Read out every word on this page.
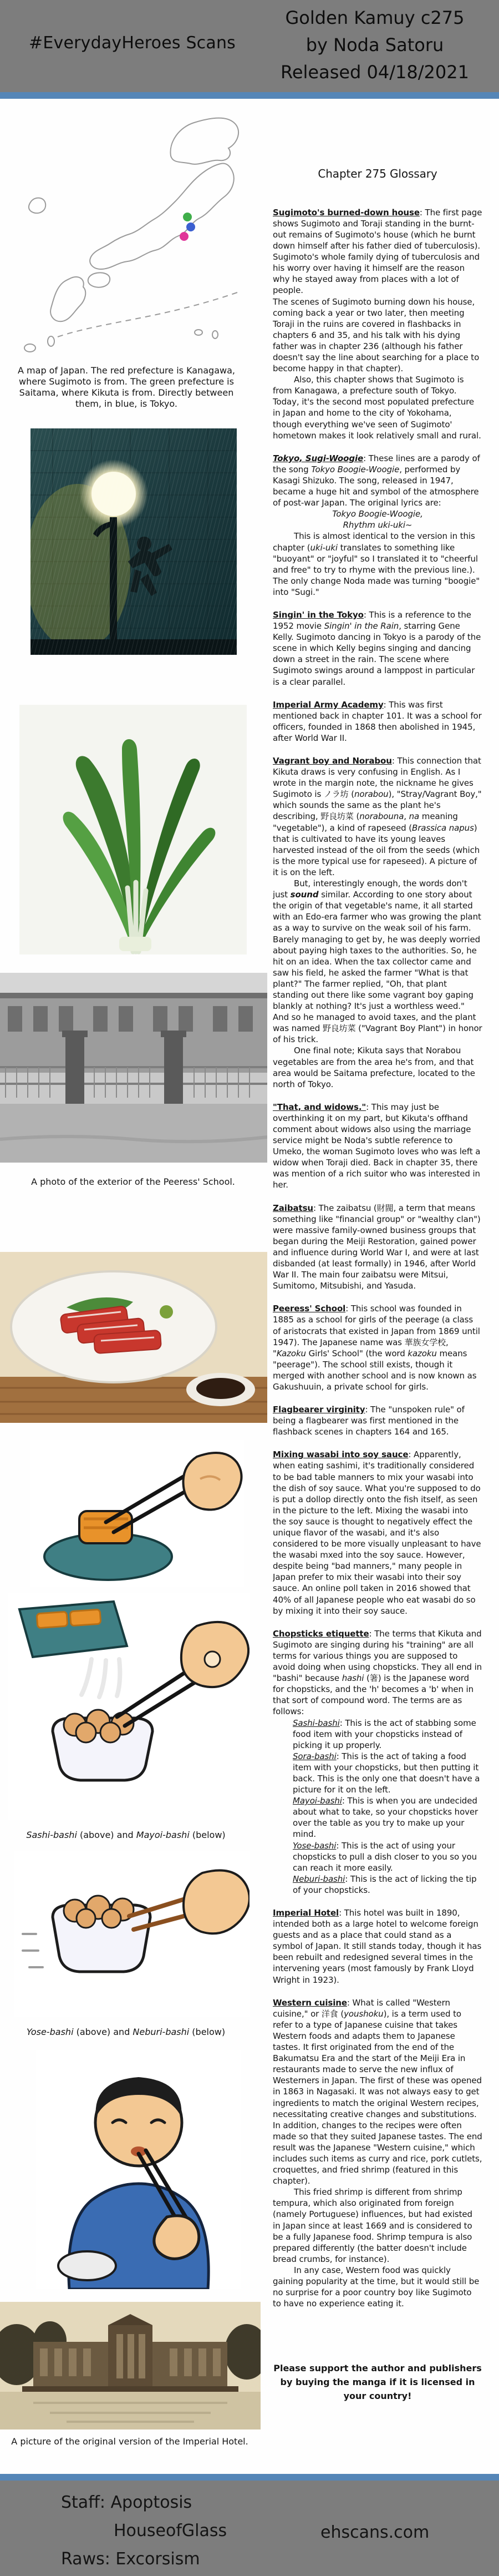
#EverydayHeroes Scans
Golden Kamuy c275
by Noda Satoru
Released 04/18/2021
A map of Japan. The red prefecture is Kanagawa, where Sugimoto is from. The green prefecture is Saitama, where Kikuta is from. Directly between them, in blue, is Tokyo.
A photo of the exterior of the Peeress' School.
Sashi-bashi (above) and Mayoi-bashi (below)
Yose-bashi (above) and Neburi-bashi (below)
A picture of the original version of the Imperial Hotel.

Chapter 275 Glossary

Sugimoto's burned-down house: The first page shows Sugimoto and Toraji standing in the burnt-out remains of Sugimoto's house (which he burnt down himself after his father died of tuberculosis). Sugimoto's whole family dying of tuberculosis and his worry over having it himself are the reason why he stayed away from places with a lot of people.

The scenes of Sugimoto burning down his house, coming back a year or two later, then meeting Toraji in the ruins are covered in flashbacks in chapters 6 and 35, and his talk with his dying father was in chapter 236 (although his father doesn't say the line about searching for a place to become happy in that chapter).

Also, this chapter shows that Sugimoto is from Kanagawa, a prefecture south of Tokyo. Today, it's the second most populated prefecture in Japan and home to the city of Yokohama, though everything we've seen of Sugimoto' hometown makes it look relatively small and rural.

Tokyo, Sugi-Woogie: These lines are a parody of the song Tokyo Boogie-Woogie, performed by Kasagi Shizuko. The song, released in 1947, became a huge hit and symbol of the atmosphere of post-war Japan. The original lyrics are:

Tokyo Boogie-Woogie,

Rhythm uki-uki~

This is almost identical to the version in this chapter (uki-uki translates to something like "buoyant" or "joyful" so I translated it to "cheerful and free" to try to rhyme with the previous line.). The only change Noda made was turning "boogie" into "Sugi."

Singin' in the Tokyo: This is a reference to the 1952 movie Singin' in the Rain, starring Gene Kelly. Sugimoto dancing in Tokyo is a parody of the scene in which Kelly begins singing and dancing down a street in the rain. The scene where Sugimoto swings around a lamppost in particular is a clear parallel.

Imperial Army Academy: This was first mentioned back in chapter 101. It was a school for officers, founded in 1868 then abolished in 1945, after World War II.

Vagrant boy and Norabou: This connection that Kikuta draws is very confusing in English. As I wrote in the margin note, the nickname he gives Sugimoto is ノラ坊 (norabou), "Stray/Vagrant Boy," which sounds the same as the plant he's describing, 野良坊菜 (norabouna, na meaning "vegetable"), a kind of rapeseed (Brassica napus) that is cultivated to have its young leaves harvested instead of the oil from the seeds (which is the more typical use for rapeseed). A picture of it is on the left.

But, interestingly enough, the words don't just sound similar. According to one story about the origin of that vegetable's name, it all started with an Edo-era farmer who was growing the plant as a way to survive on the weak soil of his farm. Barely managing to get by, he was deeply worried about paying high taxes to the authorities. So, he hit on an idea. When the tax collector came and saw his field, he asked the farmer "What is that plant?" The farmer replied, "Oh, that plant standing out there like some vagrant boy gaping blankly at nothing? It's just a worthless weed." And so he managed to avoid taxes, and the plant was named 野良坊菜 ("Vagrant Boy Plant") in honor of his trick.

One final note; Kikuta says that Norabou vegetables are from the area he's from, and that area would be Saitama prefecture, located to the north of Tokyo.

"That, and widows.": This may just be overthinking it on my part, but Kikuta's offhand comment about widows also using the marriage service might be Noda's subtle reference to Umeko, the woman Sugimoto loves who was left a widow when Toraji died. Back in chapter 35, there was mention of a rich suitor who was interested in her.

Zaibatsu: The zaibatsu (財閥, a term that means something like "financial group" or "wealthy clan") were massive family-owned business groups that began during the Meiji Restoration, gained power and influence during World War I, and were at last disbanded (at least formally) in 1946, after World War II. The main four zaibatsu were Mitsui, Sumitomo, Mitsubishi, and Yasuda.

Peeress' School: This school was founded in 1885 as a school for girls of the peerage (a class of aristocrats that existed in Japan from 1869 until 1947). The Japanese name was 華族女学校, "Kazoku Girls' School" (the word kazoku means "peerage"). The school still exists, though it merged with another school and is now known as Gakushuuin, a private school for girls.

Flagbearer virginity: The "unspoken rule" of being a flagbearer was first mentioned in the flashback scenes in chapters 164 and 165.

Mixing wasabi into soy sauce: Apparently, when eating sashimi, it's traditionally considered to be bad table manners to mix your wasabi into the dish of soy sauce. What you're supposed to do is put a dollop directly onto the fish itself, as seen in the picture to the left. Mixing the wasabi into the soy sauce is thought to negatively effect the unique flavor of the wasabi, and it's also considered to be more visually unpleasant to have the wasabi mxed into the soy sauce. However, despite being "bad manners," many people in Japan prefer to mix their wasabi into their soy sauce. An online poll taken in 2016 showed that 40% of all Japanese people who eat wasabi do so by mixing it into their soy sauce.

Chopsticks etiquette: The terms that Kikuta and Sugimoto are singing during his "training" are all terms for various things you are supposed to avoid doing when using chopsticks. They all end in "bashi" because hashi (箸) is the Japanese word for chopsticks, and the 'h' becomes a 'b' when in that sort of compound word. The terms are as follows:

Sashi-bashi: This is the act of stabbing some food item with your chopsticks instead of picking it up properly.

Sora-bashi: This is the act of taking a food item with your chopsticks, but then putting it back. This is the only one that doesn't have a picture for it on the left.

Mayoi-bashi: This is when you are undecided about what to take, so your chopsticks hover over the table as you try to make up your mind.

Yose-bashi: This is the act of using your chopsticks to pull a dish closer to you so you can reach it more easily.

Neburi-bashi: This is the act of licking the tip of your chopsticks.

Imperial Hotel: This hotel was built in 1890, intended both as a large hotel to welcome foreign guests and as a place that could stand as a symbol of Japan. It still stands today, though it has been rebuilt and redesigned several times in the intervening years (most famously by Frank Lloyd Wright in 1923).

Western cuisine: What is called "Western cuisine," or 洋食 (youshoku), is a term used to refer to a type of Japanese cuisine that takes Western foods and adapts them to Japanese tastes. It first originated from the end of the Bakumatsu Era and the start of the Meiji Era in restaurants made to serve the new influx of Westerners in Japan. The first of these was opened in 1863 in Nagasaki. It was not always easy to get ingredients to match the original Western recipes, necessitating creative changes and substitutions. In addition, changes to the recipes were often made so that they suited Japanese tastes. The end result was the Japanese "Western cuisine," which includes such items as curry and rice, pork cutlets, croquettes, and fried shrimp (featured in this chapter).

This fried shrimp is different from shrimp tempura, which also originated from foreign (namely Portuguese) influences, but had existed in Japan since at least 1669 and is considered to be a fully Japanese food. Shrimp tempura is also prepared differently (the batter doesn't include bread crumbs, for instance).

In any case, Western food was quickly gaining popularity at the time, but it would still be no surprise for a poor country boy like Sugimoto to have no experience eating it.

Please support the author and publishers by buying the manga if it is licensed in your country!
Staff: Apoptosis
HouseofGlass	ehscans.com
Raws: Excorsism
